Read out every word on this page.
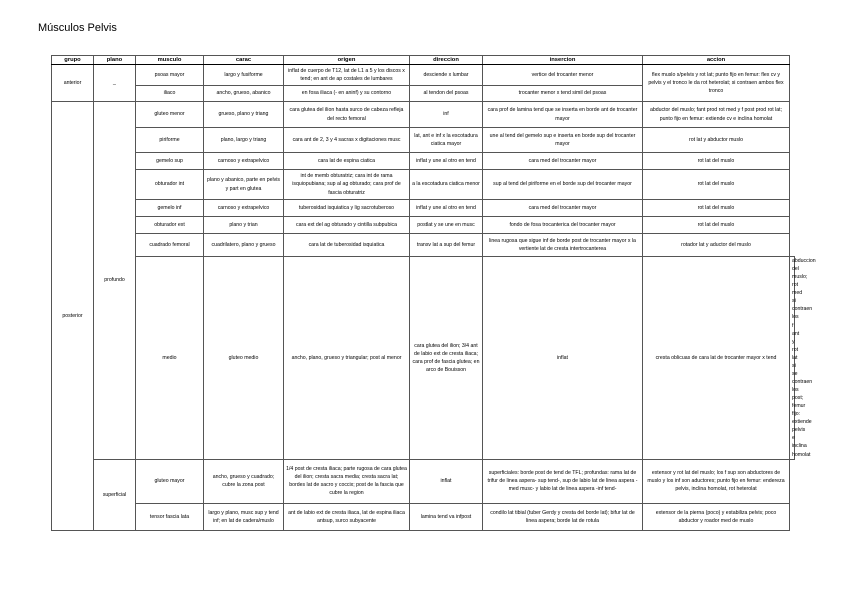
Músculos Pelvis
grupo	plano	musculo	carac	origen	direccion	insercion	accion	
anterior	_	psoas mayor	largo y fusiforme	inflat de cuerpo de T12, lat de L1 a 5 y los discos x tend; en ant de ap costales de lumbares	desciende x lumbar	vertice del trocanter menor	flex muslo s/pelvis y rot lat; punto fijo en femur: flex cv y pelvis y el tronco le da rot heterolat; si contraen ambos flex tronco	
		iliaco	ancho, grueso, abanico	en fosa iliaca (- en aninf) y su contorno	al tendon del psoas	trocanter menor x tend simil del psoas		
posterior	profundo	gluteo menor	grueso, plano y triang	cara glutea del ilion hasta surco de cabeza refleja del recto femoral	inf	cara prof de lamina tend que se inserta en borde ant de trocanter mayor	abductor del muslo; fant prod rot med y f post prod rot lat; punto fijo en femur: extiende cv e inclina homolat	
		piriforme	plano, largo y triang	cara ant de 2, 3 y 4 sacras x digitaciones musc	lat, ant e inf x la escotadura ciatica mayor	une al tend del gemelo sup e inserta en borde sup del trocanter mayor	rot lat y abductor muslo	
		gemelo sup	carnoso y extrapelvico	cara lat de espina ciatica	inflat y une al otro en tend	cara med del trocanter mayor	rot lat del muslo	
		obturador int	plano y abanico, parte en pelvis y part en glutea	int de memb obturatriz; cara int de rama isquiopubiana; sup al ag obturado; cara prof de fascia obturatriz	a la escotadura ciatica menor	sup al tend del piriforme en el borde sup del trocanter mayor	rot lat del muslo	
		gemelo inf	carnoso y extrapelvico	tuberosidad isquiatica y lig sacrotuberoso	inflat y une al otro en tend	cara med del trocanter mayor	rot lat del muslo	
		obturador ext	plano y trian	cara ext del ag obturado y cintilla subpubica	postlat y se une en musc	fondo de fosa trocanterica del trocanter mayor	rot lat del muslo	
		cuadrado femoral	cuadrilatero, plano y grueso	cara lat de tuberosidad isquiatica	transv lat a sup del femur	linea rugosa que sigue inf de borde post de trocanter mayor x la vertiente lat de cresta intertrocanterea	rotador lat y aductor del muslo	
		medio	gluteo medio	ancho, plano, grueso y triangular; post al menor	cara glutea del ilion; 3/4 ant de labio ext de cresta iliaca; cara prof de fascia glutea; en arco de Bouisson	inflat	cresta oblicuas de cara lat de trocanter mayor x tend	abduccion del muslo; rot med si contraen los f ant y rot lat si se contraen los post; femur fijo: extiende pelvis e inclina homolat
	superficial	gluteo mayor	ancho, grueso y cuadrado; cubre la zona post	1/4 post de cresta iliaca; parte rugosa de cara glutea del ilion; cresta sacra media; cresta sacra lat; bordes lat de sacro y coccix; post de la fascia que cubre la region	inflat	superficiales: borde post de tend de TFL; profundas: rama lat de trifur de linea aspera- sup tend-, sup de labio lat de linea aspera -med musc- y labio lat de linea aspera -inf tend-	extensor y rot lat del muslo; los f sup son abductores de muslo y los inf son aductores; punto fijo en femur: endereza pelvis, inclina homolat, rot heterolat	
		tensor fascia lata	largo y plano, musc sup y tend inf; en lat de cadera/muslo	ant de labio ext de cresta iliaca, lat de espina iliaca antsup, surco subyacente	lamina tend va infpost	condilo lat tibial (tuber Gerdy y cresta del borde lat); bifur lat de linea aspera; borde lat de rotula	extensor de la pierna (poco) y estabiliza pelvis; poco abductor y roador med de muslo	
